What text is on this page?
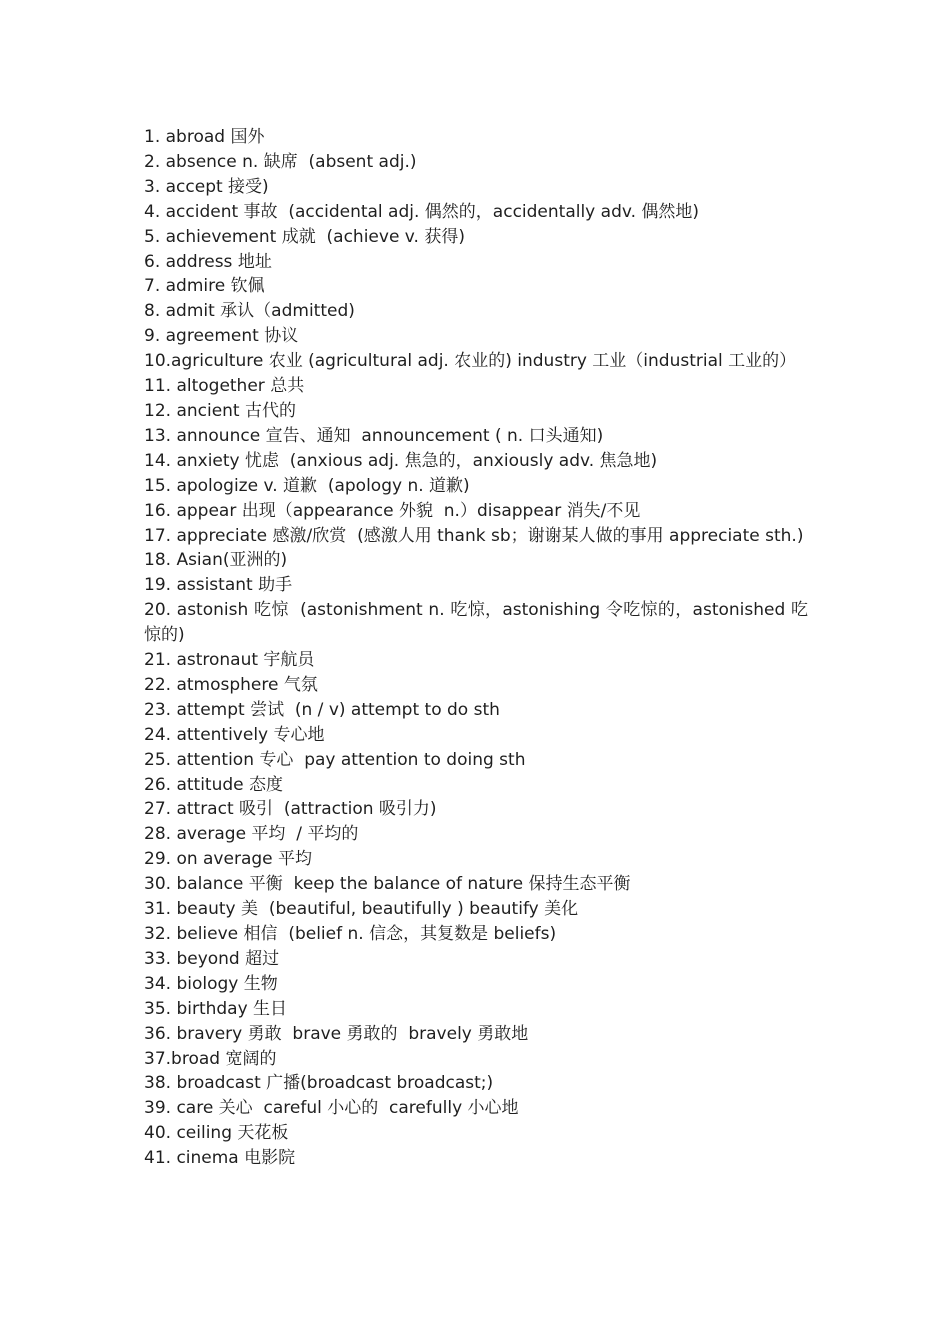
1. abroad 国外
2. absence n. 缺席  (absent adj.)
3. accept 接受)
4. accident 事故  (accidental adj. 偶然的，accidentally adv. 偶然地)
5. achievement 成就  (achieve v. 获得)
6. address 地址
7. admire 钦佩
8. admit 承认（admitted)
9. agreement 协议
10.agriculture 农业 (agricultural adj. 农业的) industry 工业（industrial 工业的）
11. altogether 总共
12. ancient 古代的
13. announce 宣告、通知  announcement ( n. 口头通知)
14. anxiety 忧虑  (anxious adj. 焦急的，anxiously adv. 焦急地)
15. apologize v. 道歉  (apology n. 道歉)
16. appear 出现（appearance 外貌  n.）disappear 消失/不见
17. appreciate 感激/欣赏  (感激人用 thank sb；谢谢某人做的事用 appreciate sth.)
18. Asian(亚洲的)
19. assistant 助手
20. astonish 吃惊  (astonishment n. 吃惊，astonishing 令吃惊的，astonished 吃惊的)
21. astronaut 宇航员
22. atmosphere 气氛
23. attempt 尝试  (n / v) attempt to do sth
24. attentively 专心地
25. attention 专心  pay attention to doing sth
26. attitude 态度
27. attract 吸引  (attraction 吸引力)
28. average 平均  / 平均的
29. on average 平均
30. balance 平衡  keep the balance of nature 保持生态平衡
31. beauty 美  (beautiful, beautifully ) beautify 美化
32. believe 相信  (belief n. 信念，其复数是 beliefs)
33. beyond 超过
34. biology 生物
35. birthday 生日
36. bravery 勇敢  brave 勇敢的  bravely 勇敢地
37.broad 宽阔的
38. broadcast 广播(broadcast broadcast;)
39. care 关心  careful 小心的  carefully 小心地
40. ceiling 天花板
41. cinema 电影院
